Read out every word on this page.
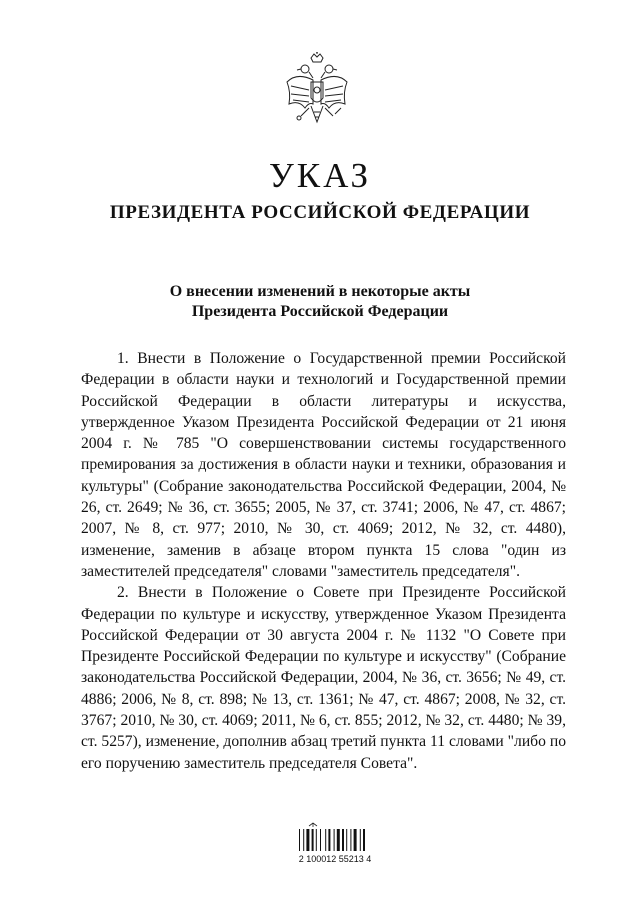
УКАЗ
ПРЕЗИДЕНТА РОССИЙСКОЙ ФЕДЕРАЦИИ
О внесении изменений в некоторые акты
Президента Российской Федерации

1. Внести в Положение о Государственной премии Российской Федерации в области науки и технологий и Государственной премии Российской Федерации в области литературы и искусства, утвержденное Указом Президента Российской Федерации от 21 июня 2004 г. № 785 "О совершенствовании системы государственного премирования за достижения в области науки и техники, образования и культуры" (Собрание законодательства Российской Федерации, 2004, № 26, ст. 2649; № 36, ст. 3655; 2005, № 37, ст. 3741; 2006, № 47, ст. 4867; 2007, № 8, ст. 977; 2010, № 30, ст. 4069; 2012, № 32, ст. 4480), изменение, заменив в абзаце втором пункта 15 слова "один из заместителей председателя" словами "заместитель председателя".

2. Внести в Положение о Совете при Президенте Российской Федерации по культуре и искусству, утвержденное Указом Президента Российской Федерации от 30 августа 2004 г. № 1132 "О Совете при Президенте Российской Федерации по культуре и искусству" (Собрание законодательства Российской Федерации, 2004, № 36, ст. 3656; № 49, ст. 4886; 2006, № 8, ст. 898; № 13, ст. 1361; № 47, ст. 4867; 2008, № 32, ст. 3767; 2010, № 30, ст. 4069; 2011, № 6, ст. 855; 2012, № 32, ст. 4480; № 39, ст. 5257), изменение, дополнив абзац третий пункта 11 словами "либо по его поручению заместитель председателя Совета".

2 100012 55213 4
